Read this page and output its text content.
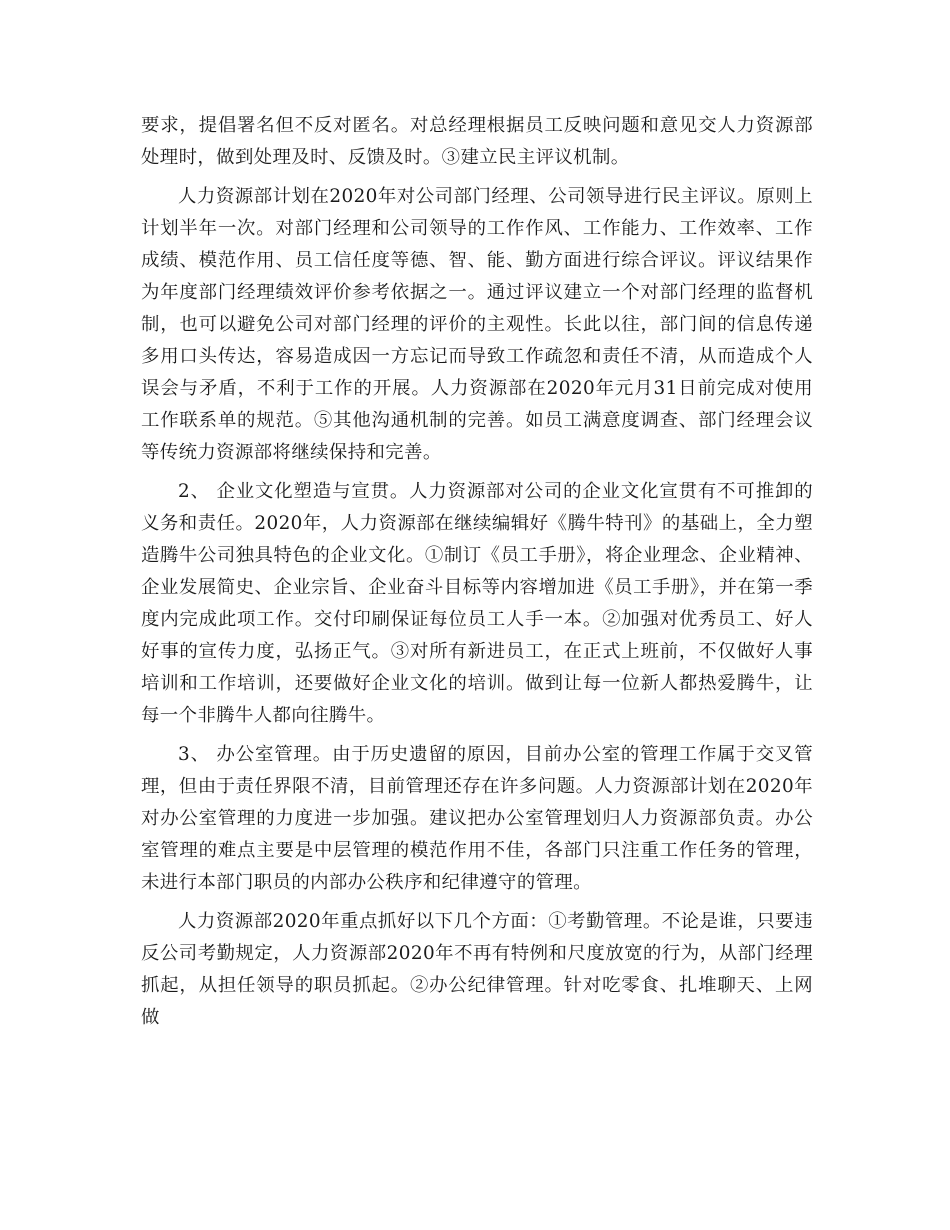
要求，提倡署名但不反对匿名。对总经理根据员工反映问题和意见交人力资源部处理时，做到处理及时、反馈及时。③建立民主评议机制。

人力资源部计划在2020年对公司部门经理、公司领导进行民主评议。原则上计划半年一次。对部门经理和公司领导的工作作风、工作能力、工作效率、工作成绩、模范作用、员工信任度等德、智、能、勤方面进行综合评议。评议结果作为年度部门经理绩效评价参考依据之一。通过评议建立一个对部门经理的监督机制，也可以避免公司对部门经理的评价的主观性。长此以往，部门间的信息传递多用口头传达，容易造成因一方忘记而导致工作疏忽和责任不清，从而造成个人误会与矛盾，不利于工作的开展。人力资源部在2020年元月31日前完成对使用工作联系单的规范。⑤其他沟通机制的完善。如员工满意度调查、部门经理会议等传统力资源部将继续保持和完善。

2、 企业文化塑造与宣贯。人力资源部对公司的企业文化宣贯有不可推卸的义务和责任。2020年，人力资源部在继续编辑好《腾牛特刊》的基础上，全力塑造腾牛公司独具特色的企业文化。①制订《员工手册》，将企业理念、企业精神、企业发展简史、企业宗旨、企业奋斗目标等内容增加进《员工手册》，并在第一季度内完成此项工作。交付印刷保证每位员工人手一本。②加强对优秀员工、好人好事的宣传力度，弘扬正气。③对所有新进员工，在正式上班前，不仅做好人事培训和工作培训，还要做好企业文化的培训。做到让每一位新人都热爱腾牛，让每一个非腾牛人都向往腾牛。

3、 办公室管理。由于历史遗留的原因，目前办公室的管理工作属于交叉管理，但由于责任界限不清，目前管理还存在许多问题。人力资源部计划在2020年对办公室管理的力度进一步加强。建议把办公室管理划归人力资源部负责。办公室管理的难点主要是中层管理的模范作用不佳，各部门只注重工作任务的管理，未进行本部门职员的内部办公秩序和纪律遵守的管理。

人力资源部2020年重点抓好以下几个方面：①考勤管理。不论是谁，只要违反公司考勤规定，人力资源部2020年不再有特例和尺度放宽的行为，从部门经理抓起，从担任领导的职员抓起。②办公纪律管理。针对吃零食、扎堆聊天、上网做
